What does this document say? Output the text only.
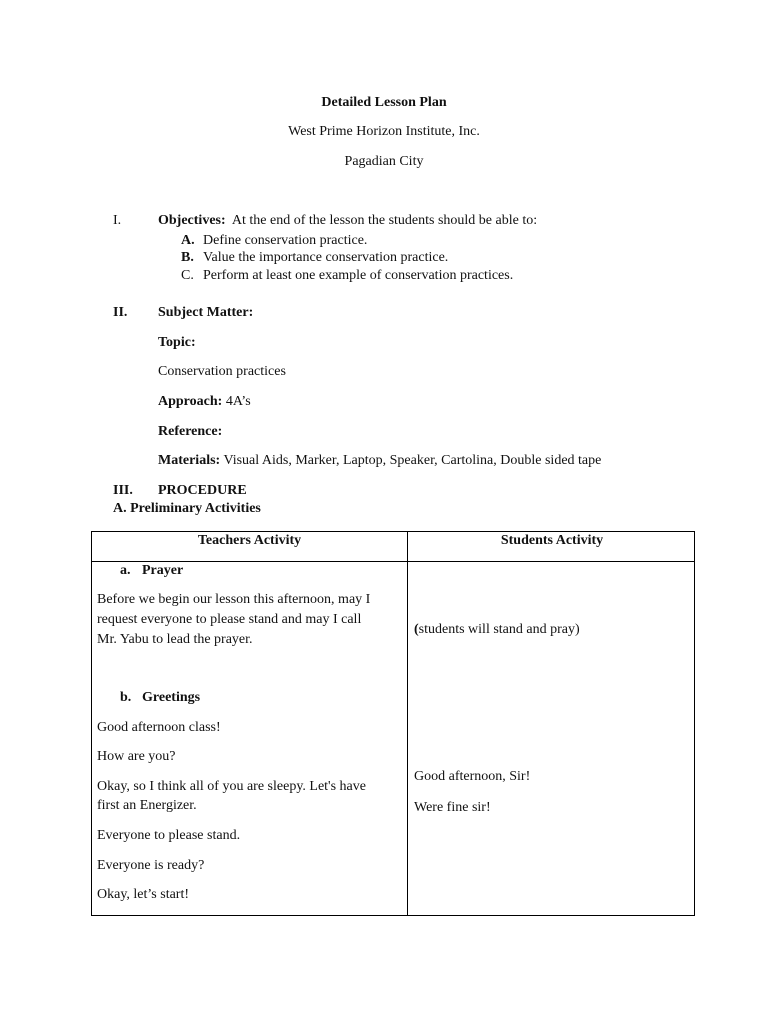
Detailed Lesson Plan
West Prime Horizon Institute, Inc.
Pagadian City
I.	Objectives: At the end of the lesson the students should be able to:
A. Define conservation practice.
B. Value the importance conservation practice.
C. Perform at least one example of conservation practices.
II. Subject Matter:
Topic:
Conservation practices
Approach: 4A’s
Reference:
Materials: Visual Aids, Marker, Laptop, Speaker, Cartolina, Double sided tape
III. PROCEDURE
A. Preliminary Activities
Teachers Activity	Students Activity
a. Prayer
Before we begin our lesson this afternoon, may I
request everyone to please stand and may I call
Mr. Yabu to lead the prayer.
(students will stand and pray)
b. Greetings
Good afternoon class!
How are you?
Okay, so I think all of you are sleepy. Let's have
first an Energizer.
Everyone to please stand.
Everyone is ready?
Okay, let’s start!
Good afternoon, Sir!
Were fine sir!
